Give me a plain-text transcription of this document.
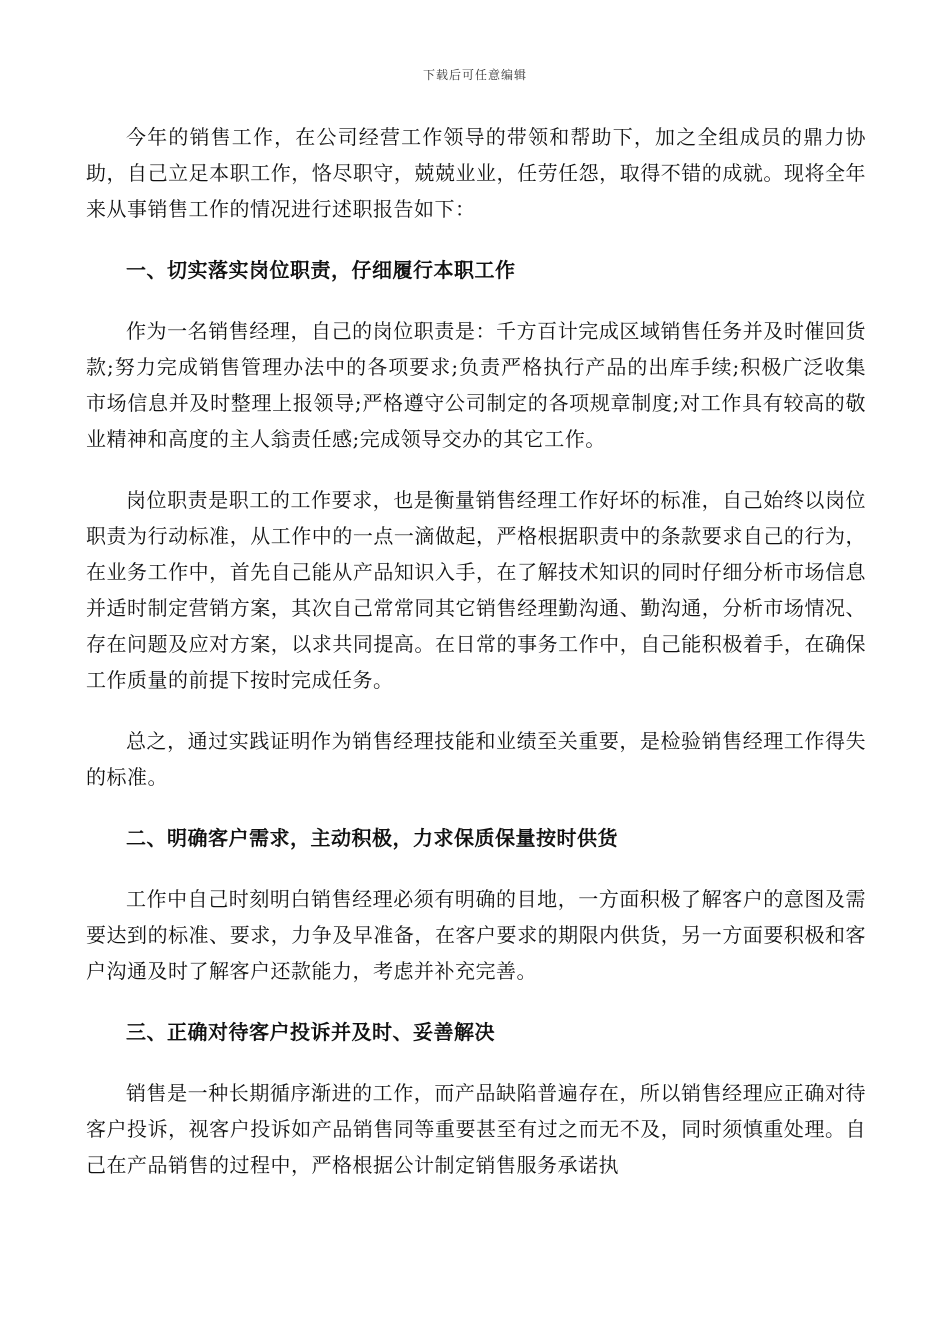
下载后可任意编辑

今年的销售工作，在公司经营工作领导的带领和帮助下，加之全组成员的鼎力协助，自己立足本职工作，恪尽职守，兢兢业业，任劳任怨，取得不错的成就。现将全年来从事销售工作的情况进行述职报告如下：

一、切实落实岗位职责，仔细履行本职工作

作为一名销售经理，自己的岗位职责是：千方百计完成区域销售任务并及时催回货款;努力完成销售管理办法中的各项要求;负责严格执行产品的出库手续;积极广泛收集市场信息并及时整理上报领导;严格遵守公司制定的各项规章制度;对工作具有较高的敬业精神和高度的主人翁责任感;完成领导交办的其它工作。

岗位职责是职工的工作要求，也是衡量销售经理工作好坏的标准，自己始终以岗位职责为行动标准，从工作中的一点一滴做起，严格根据职责中的条款要求自己的行为，在业务工作中，首先自己能从产品知识入手，在了解技术知识的同时仔细分析市场信息并适时制定营销方案，其次自己常常同其它销售经理勤沟通、勤沟通，分析市场情况、存在问题及应对方案，以求共同提高。在日常的事务工作中，自己能积极着手，在确保工作质量的前提下按时完成任务。

总之，通过实践证明作为销售经理技能和业绩至关重要，是检验销售经理工作得失的标准。

二、明确客户需求，主动积极，力求保质保量按时供货

工作中自己时刻明白销售经理必须有明确的目地，一方面积极了解客户的意图及需要达到的标准、要求，力争及早准备，在客户要求的期限内供货，另一方面要积极和客户沟通及时了解客户还款能力，考虑并补充完善。

三、正确对待客户投诉并及时、妥善解决

销售是一种长期循序渐进的工作，而产品缺陷普遍存在，所以销售经理应正确对待客户投诉，视客户投诉如产品销售同等重要甚至有过之而无不及，同时须慎重处理。自己在产品销售的过程中，严格根据公计制定销售服务承诺执
